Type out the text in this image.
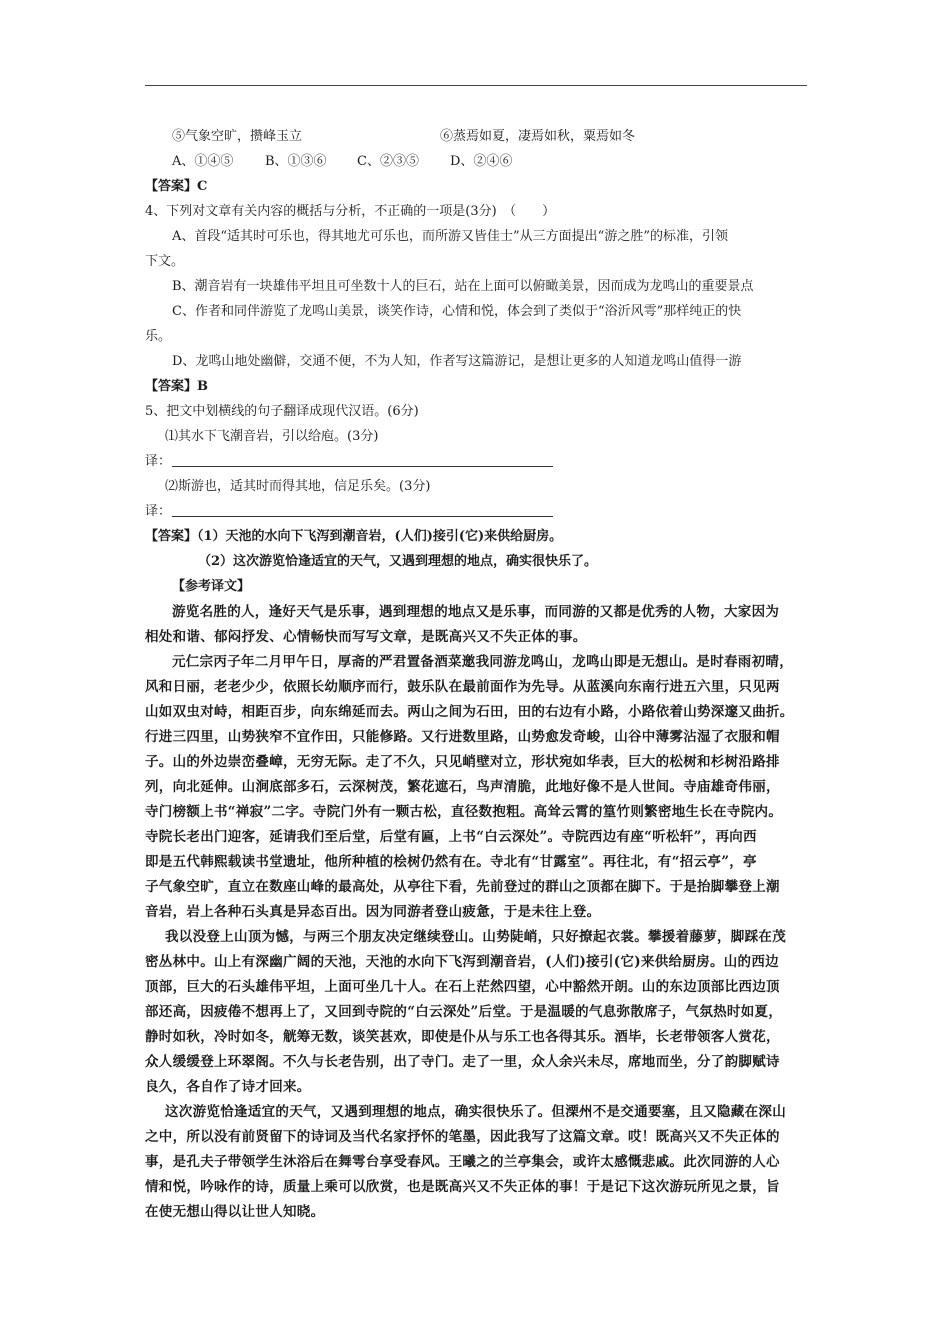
⑤气象空旷，攒峰玉立	⑥蒸焉如夏，凄焉如秋，粟焉如冬
A、①④⑤ B、①③⑥ C、②③⑤ D、②④⑥
【答案】C
4、下列对文章有关内容的概括与分析，不正确的一项是(3分)　（　　）
A、首段“适其时可乐也，得其地尤可乐也，而所游又皆佳士”从三方面提出“游之胜”的标准，引领
下文。
B、潮音岩有一块雄伟平坦且可坐数十人的巨石，站在上面可以俯瞰美景，因而成为龙鸣山的重要景点
C、作者和同伴游览了龙鸣山美景，谈笑作诗，心情和悦，体会到了类似于“浴沂风雩”那样纯正的快
乐。
D、龙鸣山地处幽僻，交通不便，不为人知，作者写这篇游记，是想让更多的人知道龙鸣山值得一游
【答案】B
5、把文中划横线的句子翻译成现代汉语。(6分)
⑴其水下飞潮音岩，引以给庖。(3分)
译：
⑵斯游也，适其时而得其地，信足乐矣。(3分)
译：
【答案】（1）天池的水向下飞泻到潮音岩，(人们)接引(它)来供给厨房。
（2）这次游览恰逢适宜的天气，又遇到理想的地点，确实很快乐了。
【参考译文】
游览名胜的人，逢好天气是乐事，遇到理想的地点又是乐事，而同游的又都是优秀的人物，大家因为
相处和谐、郁闷抒发、心情畅快而写写文章，是既高兴又不失正体的事。
元仁宗丙子年二月甲午日，厚斋的严君置备酒菜邀我同游龙鸣山，龙鸣山即是无想山。是时春雨初晴，
风和日丽，老老少少，依照长幼顺序而行，鼓乐队在最前面作为先导。从蓝溪向东南行进五六里，只见两
山如双虫对峙，相距百步，向东绵延而去。两山之间为石田，田的右边有小路，小路依着山势深邃又曲折。
行进三四里，山势狭窄不宜作田，只能修路。又行进数里路，山势愈发奇峻，山谷中薄雾沾湿了衣服和帽
子。山的外边崇峦叠嶂，无穷无际。走了不久，只见峭壁对立，形状宛如华表，巨大的松树和杉树沿路排
列，向北延伸。山涧底部多石，云深树茂，繁花遮石，鸟声清脆，此地好像不是人世间。寺庙雄奇伟丽，
寺门榜额上书“禅寂”二字。寺院门外有一颗古松，直径数抱粗。高耸云霄的篁竹则繁密地生长在寺院内。
寺院长老出门迎客，延请我们至后堂，后堂有匾，上书“白云深处”。寺院西边有座“听松轩”，再向西
即是五代韩熙载读书堂遗址，他所种植的桧树仍然有在。寺北有“甘露室”。再往北，有“招云亭”，亭
子气象空旷，直立在数座山峰的最高处，从亭往下看，先前登过的群山之顶都在脚下。于是抬脚攀登上潮
音岩，岩上各种石头真是异态百出。因为同游者登山疲惫，于是未往上登。
我以没登上山顶为憾，与两三个朋友决定继续登山。山势陡峭，只好撩起衣裳。攀援着藤萝，脚踩在茂
密丛林中。山上有深幽广阔的天池，天池的水向下飞泻到潮音岩，(人们)接引(它)来供给厨房。山的西边
顶部，巨大的石头雄伟平坦，上面可坐几十人。在石上茫然四望，心中豁然开朗。山的东边顶部比西边顶
部还高，因疲倦不想再上了，又回到寺院的“白云深处”后堂。于是温暖的气息弥散席子，气氛热时如夏，
静时如秋，冷时如冬，觥筹无数，谈笑甚欢，即使是仆从与乐工也各得其乐。酒毕，长老带领客人赏花，
众人缓缓登上环翠阁。不久与长老告别，出了寺门。走了一里，众人余兴未尽，席地而坐，分了韵脚赋诗
良久，各自作了诗才回来。
这次游览恰逢适宜的天气，又遇到理想的地点，确实很快乐了。但溧州不是交通要塞，且又隐藏在深山
之中，所以没有前贤留下的诗词及当代名家抒怀的笔墨，因此我写了这篇文章。哎！既高兴又不失正体的
事，是孔夫子带领学生沐浴后在舞雩台享受春风。王曦之的兰亭集会，或许太感慨悲戚。此次同游的人心
情和悦，吟咏作的诗，质量上乘可以欣赏，也是既高兴又不失正体的事！于是记下这次游玩所见之景，旨
在使无想山得以让世人知晓。
